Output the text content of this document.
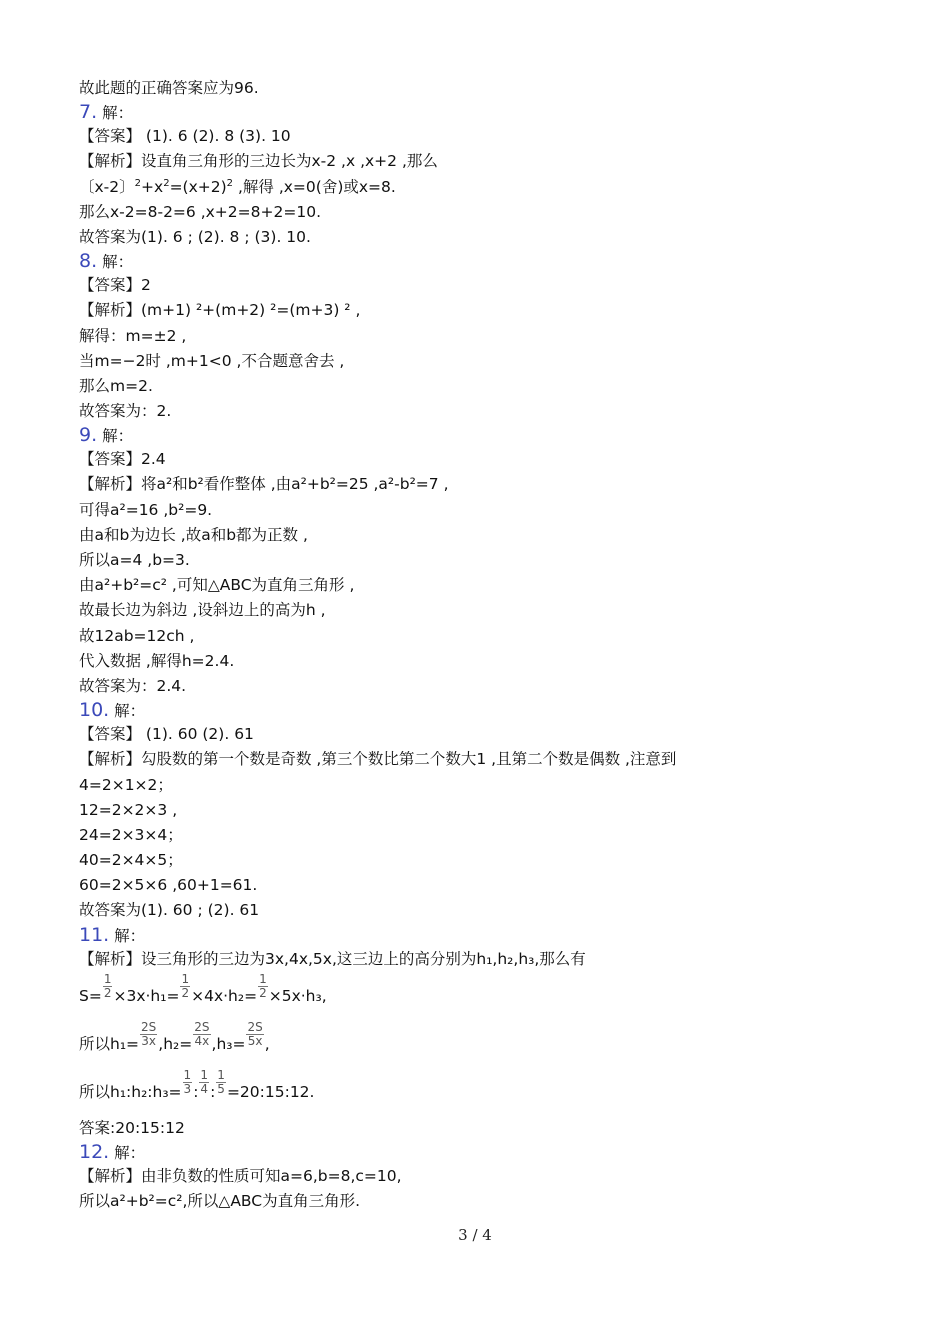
故此题的正确答案应为96.
7. 解：
【答案】 (1). 6 (2). 8 (3). 10
【解析】设直角三角形的三边长为x-2 ,x ,x+2 ,那么
〔x-2〕$^2+x^2=(x+2)^2$ ,解得 ,x=0(舍)或x=8.
那么x-2=8-2=6 ,x+2=8+2=10.
故答案为(1). 6 ; (2). 8 ; (3). 10.
8. 解：
【答案】2
【解析】(m+1) ²+(m+2) ²=(m+3) ² ,
解得：m=±2 ,
当m=−2时 ,m+1<0 ,不合题意舍去 ,
那么m=2.
故答案为：2.
9. 解：
【答案】2.4
【解析】将a²和b²看作整体 ,由a²+b²=25 ,a²-b²=7 ,
可得a²=16 ,b²=9.
由a和b为边长 ,故a和b都为正数 ,
所以a=4 ,b=3.
由a²+b²=c² ,可知△ABC为直角三角形 ,
故最长边为斜边 ,设斜边上的高为h ,
故12ab=12ch ,
代入数据 ,解得h=2.4.
故答案为：2.4.
10. 解：
【答案】 (1). 60 (2). 61
【解析】勾股数的第一个数是奇数 ,第三个数比第二个数大1 ,且第二个数是偶数 ,注意到
4=2×1×2；
12=2×2×3 ,
24=2×3×4；
40=2×4×5；
60=2×5×6 ,60+1=61.
故答案为(1). 60 ; (2). 61
11. 解：
【解析】设三角形的三边为3x,4x,5x,这三边上的高分别为h₁,h₂,h₃,那么有
$S= \frac{1}{2} \times 3x\cdot h_1= \frac{1}{2} \times 4x\cdot h_2= \frac{1}{2} \times 5x\cdot h_3$,
所以$h_1= \frac{2S}{3x} ,h_2= \frac{2S}{4x} ,h_3= \frac{2S}{5x}$ ,
所以h₁:h₂:h₃= $\frac{1}{3}$ : $\frac{1}{4}$ : $\frac{1}{5}$ =20:15:12.
答案:20:15:12
12. 解：
【解析】由非负数的性质可知a=6,b=8,c=10,
所以a²+b²=c²,所以△ABC为直角三角形.
3 / 4
